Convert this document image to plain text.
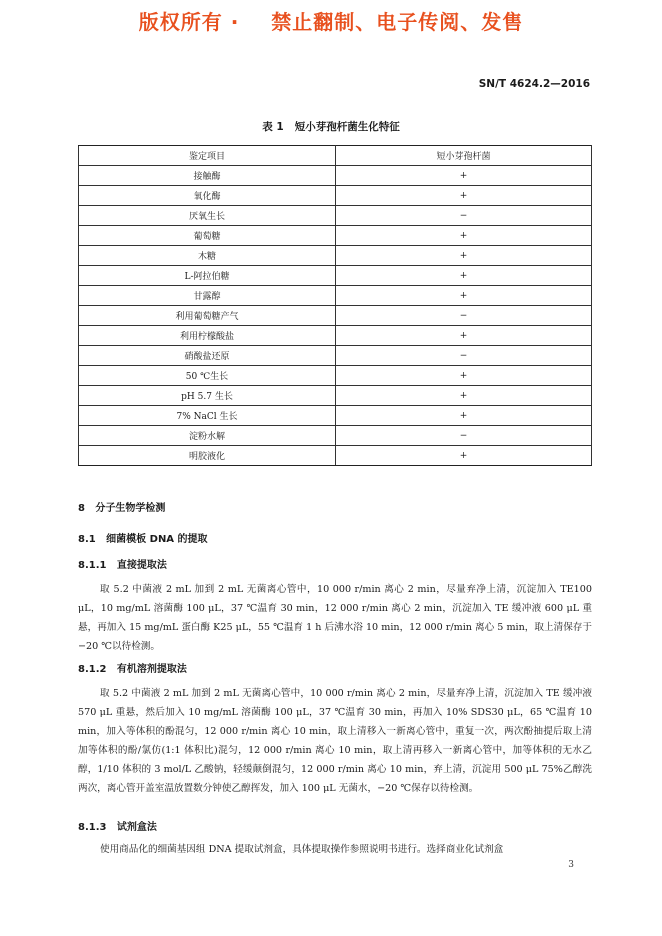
版权所有 ·    禁止翻制、电子传阅、发售
SN/T 4624.2—2016
表 1   短小芽孢杆菌生化特征
鉴定项目	短小芽孢杆菌
接触酶	+
氧化酶	+
厌氧生长	−
葡萄糖	+
木糖	+
L-阿拉伯糖	+
甘露醇	+
利用葡萄糖产气	−
利用柠檬酸盐	+
硝酸盐还原	−
50 ℃生长	+
pH 5.7 生长	+
7% NaCl 生长	+
淀粉水解	−
明胶液化	+
8   分子生物学检测
8.1   细菌模板 DNA 的提取
8.1.1   直接提取法
取 5.2 中菌液 2 mL 加到 2 mL 无菌离心管中，10 000 r/min 离心 2 min，尽量弃净上清，沉淀加入 TE100 μL，10 mg/mL 溶菌酶 100 μL，37 ℃温育 30 min，12 000 r/min 离心 2 min，沉淀加入 TE 缓冲液 600 μL 重悬，再加入 15 mg/mL 蛋白酶 K25 μL，55 ℃温育 1 h 后沸水浴 10 min，12 000 r/min 离心 5 min，取上清保存于−20 ℃以待检测。
8.1.2   有机溶剂提取法
取 5.2 中菌液 2 mL 加到 2 mL 无菌离心管中，10 000 r/min 离心 2 min，尽量弃净上清，沉淀加入 TE 缓冲液 570 μL 重悬，然后加入 10 mg/mL 溶菌酶 100 μL，37 ℃温育 30 min，再加入 10% SDS30 μL，65 ℃温育 10 min，加入等体积的酚混匀，12 000 r/min 离心 10 min，取上清移入一新离心管中，重复一次，两次酚抽提后取上清加等体积的酚/氯仿(1:1 体积比)混匀，12 000 r/min 离心 10 min，取上清再移入一新离心管中，加等体积的无水乙醇，1/10 体积的 3 mol/L 乙酸钠，轻缓颠倒混匀，12 000 r/min 离心 10 min，弃上清，沉淀用 500 μL 75%乙醇洗两次，离心管开盖室温放置数分钟使乙醇挥发，加入 100 μL 无菌水，−20 ℃保存以待检测。
8.1.3   试剂盒法
使用商品化的细菌基因组 DNA 提取试剂盒，具体提取操作参照说明书进行。选择商业化试剂盒
3
